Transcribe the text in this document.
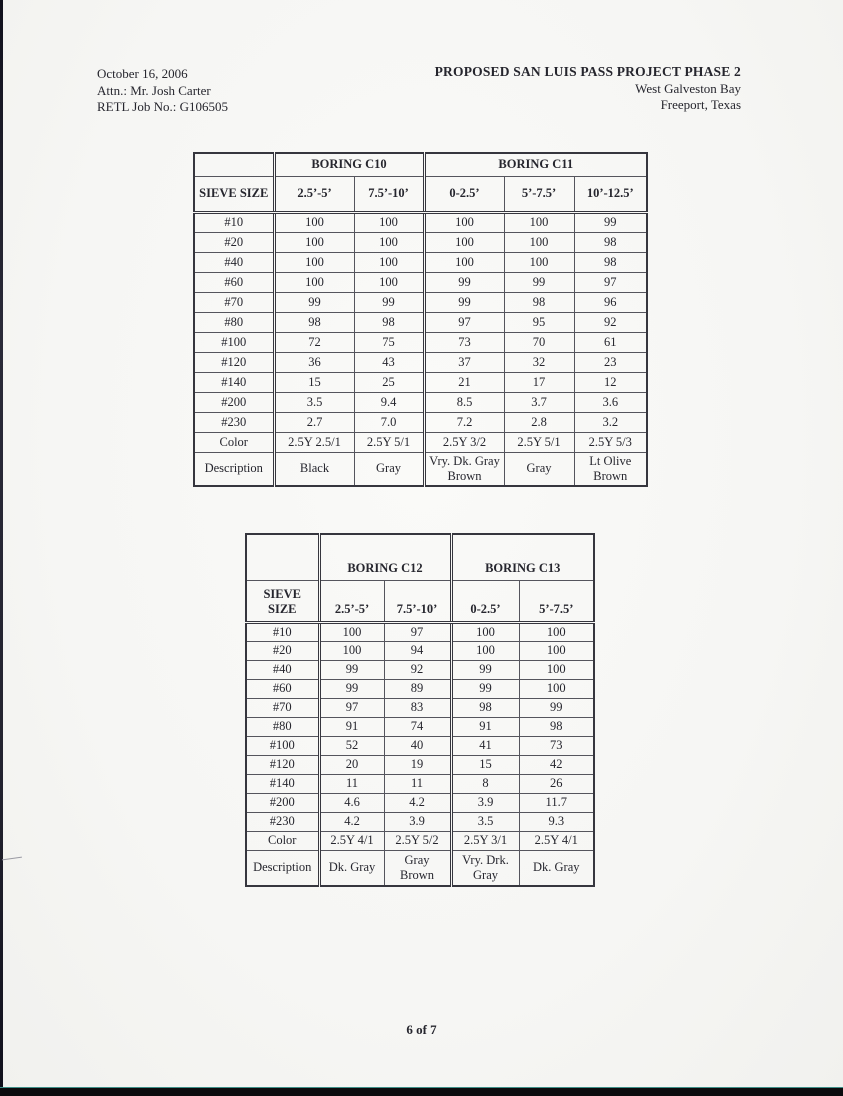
October 16, 2006
Attn.: Mr. Josh Carter
RETL Job No.: G106505
PROPOSED SAN LUIS PASS PROJECT PHASE 2
West Galveston Bay
Freeport, Texas
	BORING C10		BORING C11		
SIEVE SIZE	2.5’-5’	7.5’-10’	0-2.5’	5’-7.5’	10’-12.5’
#10	100	100	100	100	99
#20	100	100	100	100	98
#40	100	100	100	100	98
#60	100	100	99	99	97
#70	99	99	99	98	96
#80	98	98	97	95	92
#100	72	75	73	70	61
#120	36	43	37	32	23
#140	15	25	21	17	12
#200	3.5	9.4	8.5	3.7	3.6
#230	2.7	7.0	7.2	2.8	3.2
Color	2.5Y 2.5/1	2.5Y 5/1	2.5Y 3/2	2.5Y 5/1	2.5Y 5/3
Description	Black	Gray	Vry. Dk. Gray Brown	Gray	Lt Olive Brown
	BORING C12		BORING C13	
SIEVE SIZE	2.5’-5’	7.5’-10’	0-2.5’	5’-7.5’
#10	100	97	100	100
#20	100	94	100	100
#40	99	92	99	100
#60	99	89	99	100
#70	97	83	98	99
#80	91	74	91	98
#100	52	40	41	73
#120	20	19	15	42
#140	11	11	8	26
#200	4.6	4.2	3.9	11.7
#230	4.2	3.9	3.5	9.3
Color	2.5Y 4/1	2.5Y 5/2	2.5Y 3/1	2.5Y 4/1
Description	Dk. Gray	Gray Brown	Vry. Drk. Gray	Dk. Gray
6 of 7
